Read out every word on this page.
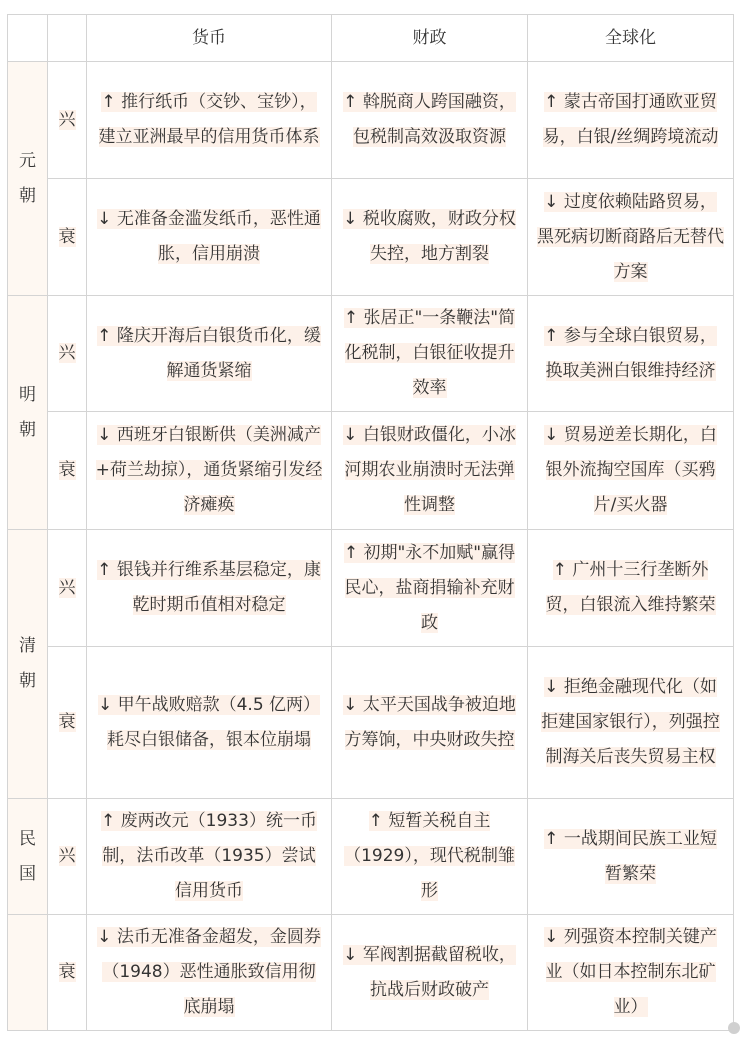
		货币	财政	全球化

元
朝	兴	↑ 推行纸币（交钞、宝钞），建立亚洲最早的信用货币体系	↑ 斡脱商人跨国融资，包税制高效汲取资源	↑ 蒙古帝国打通欧亚贸易，白银/丝绸跨境流动
	衰	↓ 无准备金滥发纸币，恶性通胀，信用崩溃	↓ 税收腐败，财政分权失控，地方割裂	↓ 过度依赖陆路贸易，黑死病切断商路后无替代方案

明
朝	兴	↑ 隆庆开海后白银货币化，缓解通货紧缩	↑ 张居正"一条鞭法"简化税制，白银征收提升效率	↑ 参与全球白银贸易，换取美洲白银维持经济
	衰	↓ 西班牙白银断供（美洲减产+荷兰劫掠），通货紧缩引发经济瘫痪	↓ 白银财政僵化，小冰河期农业崩溃时无法弹性调整	↓ 贸易逆差长期化，白银外流掏空国库（买鸦片/买火器

清
朝	兴	↑ 银钱并行维系基层稳定，康乾时期币值相对稳定	↑ 初期"永不加赋"赢得民心，盐商捐输补充财政	↑ 广州十三行垄断外贸，白银流入维持繁荣
	衰	↓ 甲午战败赔款（4.5 亿两）耗尽白银储备，银本位崩塌	↓ 太平天国战争被迫地方筹饷，中央财政失控	↓ 拒绝金融现代化（如拒建国家银行），列强控制海关后丧失贸易主权

民
国	兴	↑ 废两改元（1933）统一币制，法币改革（1935）尝试信用货币	↑ 短暂关税自主（1929），现代税制雏形	↑ 一战期间民族工业短暂繁荣

	衰	↓ 法币无准备金超发，金圆券（1948）恶性通胀致信用彻底崩塌	↓ 军阀割据截留税收，抗战后财政破产	↓ 列强资本控制关键产业（如日本控制东北矿业）
